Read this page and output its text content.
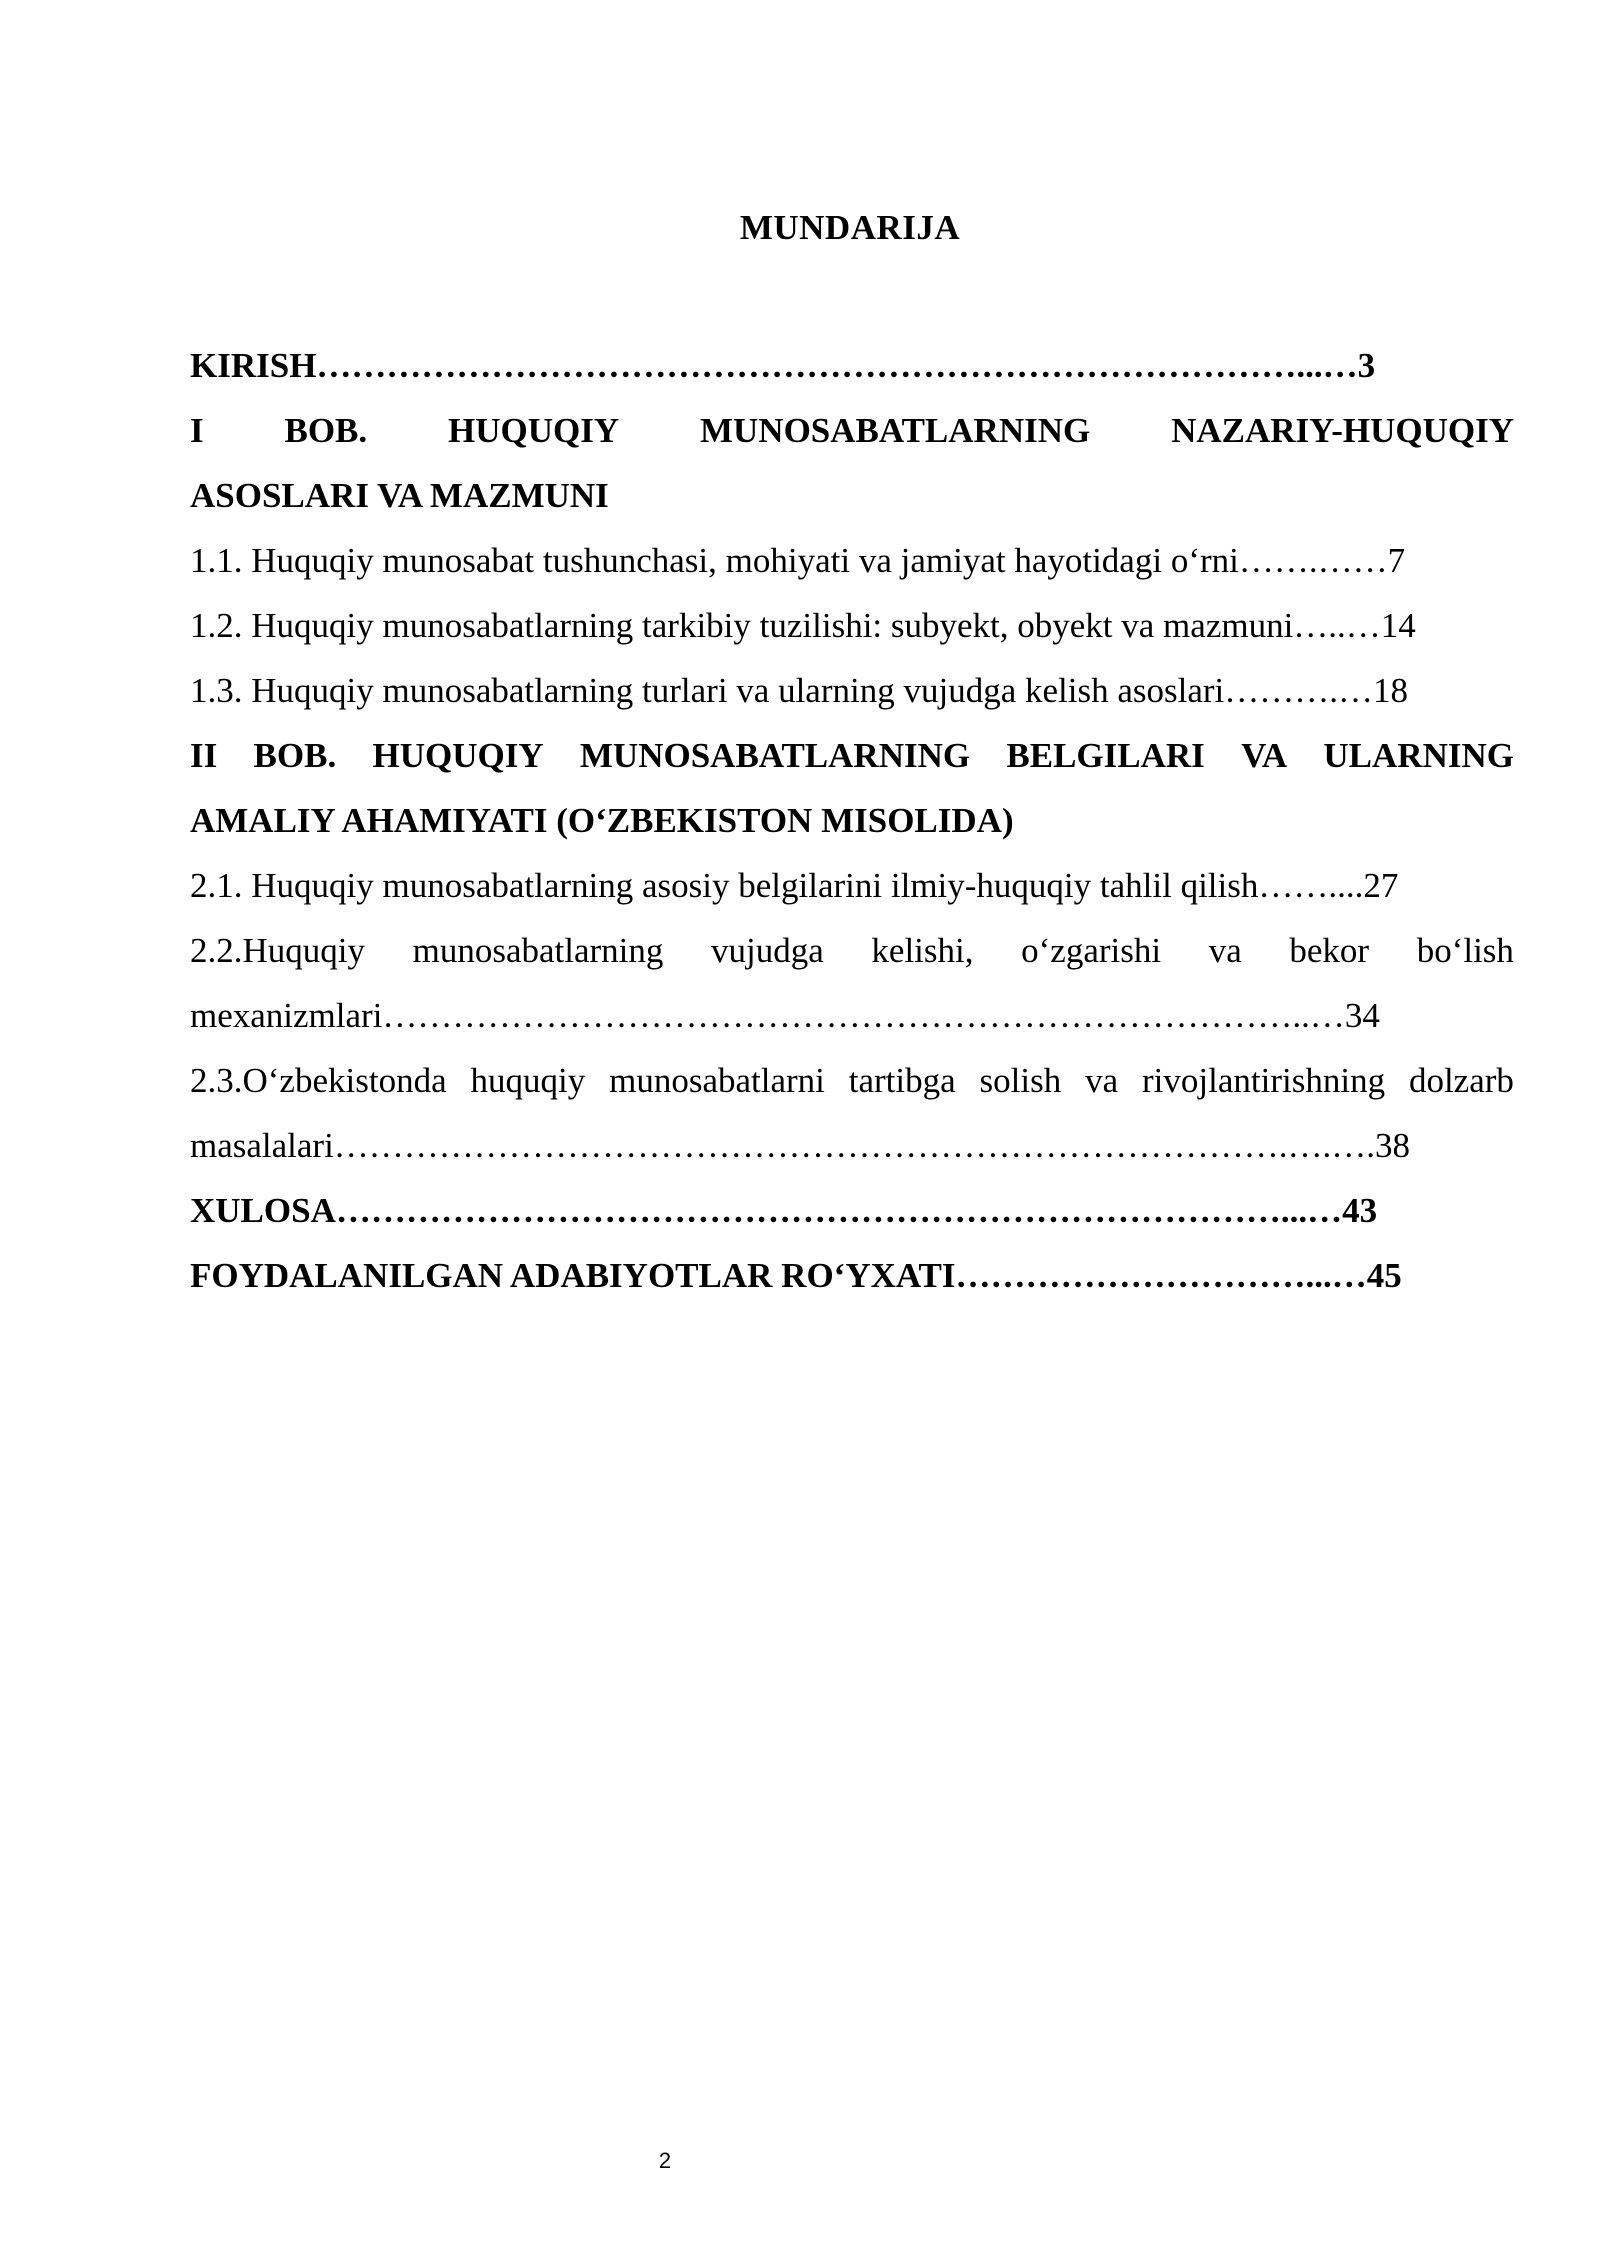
MUNDARIJA
KIRISH…………………………………………………………………………...…3
I BOB. HUQUQIY MUNOSABATLARNING NAZARIY-HUQUQIY
ASOSLARI VA MAZMUNI
1.1. Huquqiy munosabat tushunchasi, mohiyati va jamiyat hayotidagi o‘rni…….……7
1.2. Huquqiy munosabatlarning tarkibiy tuzilishi: subyekt, obyekt va mazmuni…..…14
1.3. Huquqiy munosabatlarning turlari va ularning vujudga kelish asoslari……….…18
II BOB. HUQUQIY MUNOSABATLARNING BELGILARI VA ULARNING
AMALIY AHAMIYATI (O‘ZBEKISTON MISOLIDA)
2.1. Huquqiy munosabatlarning asosiy belgilarini ilmiy-huquqiy tahlil qilish……....27
2.2.Huquqiy munosabatlarning vujudga kelishi, o‘zgarishi va bekor bo‘lish
mexanizmlari……………………………………………………………………..…34
2.3.O‘zbekistonda huquqiy munosabatlarni tartibga solish va rivojlantirishning dolzarb
masalalari……………………………………………………………………….….….38
XULOSA………………………………………………………………………...…43
FOYDALANILGAN ADABIYOTLAR RO‘YXATI…………………………...…45
2
